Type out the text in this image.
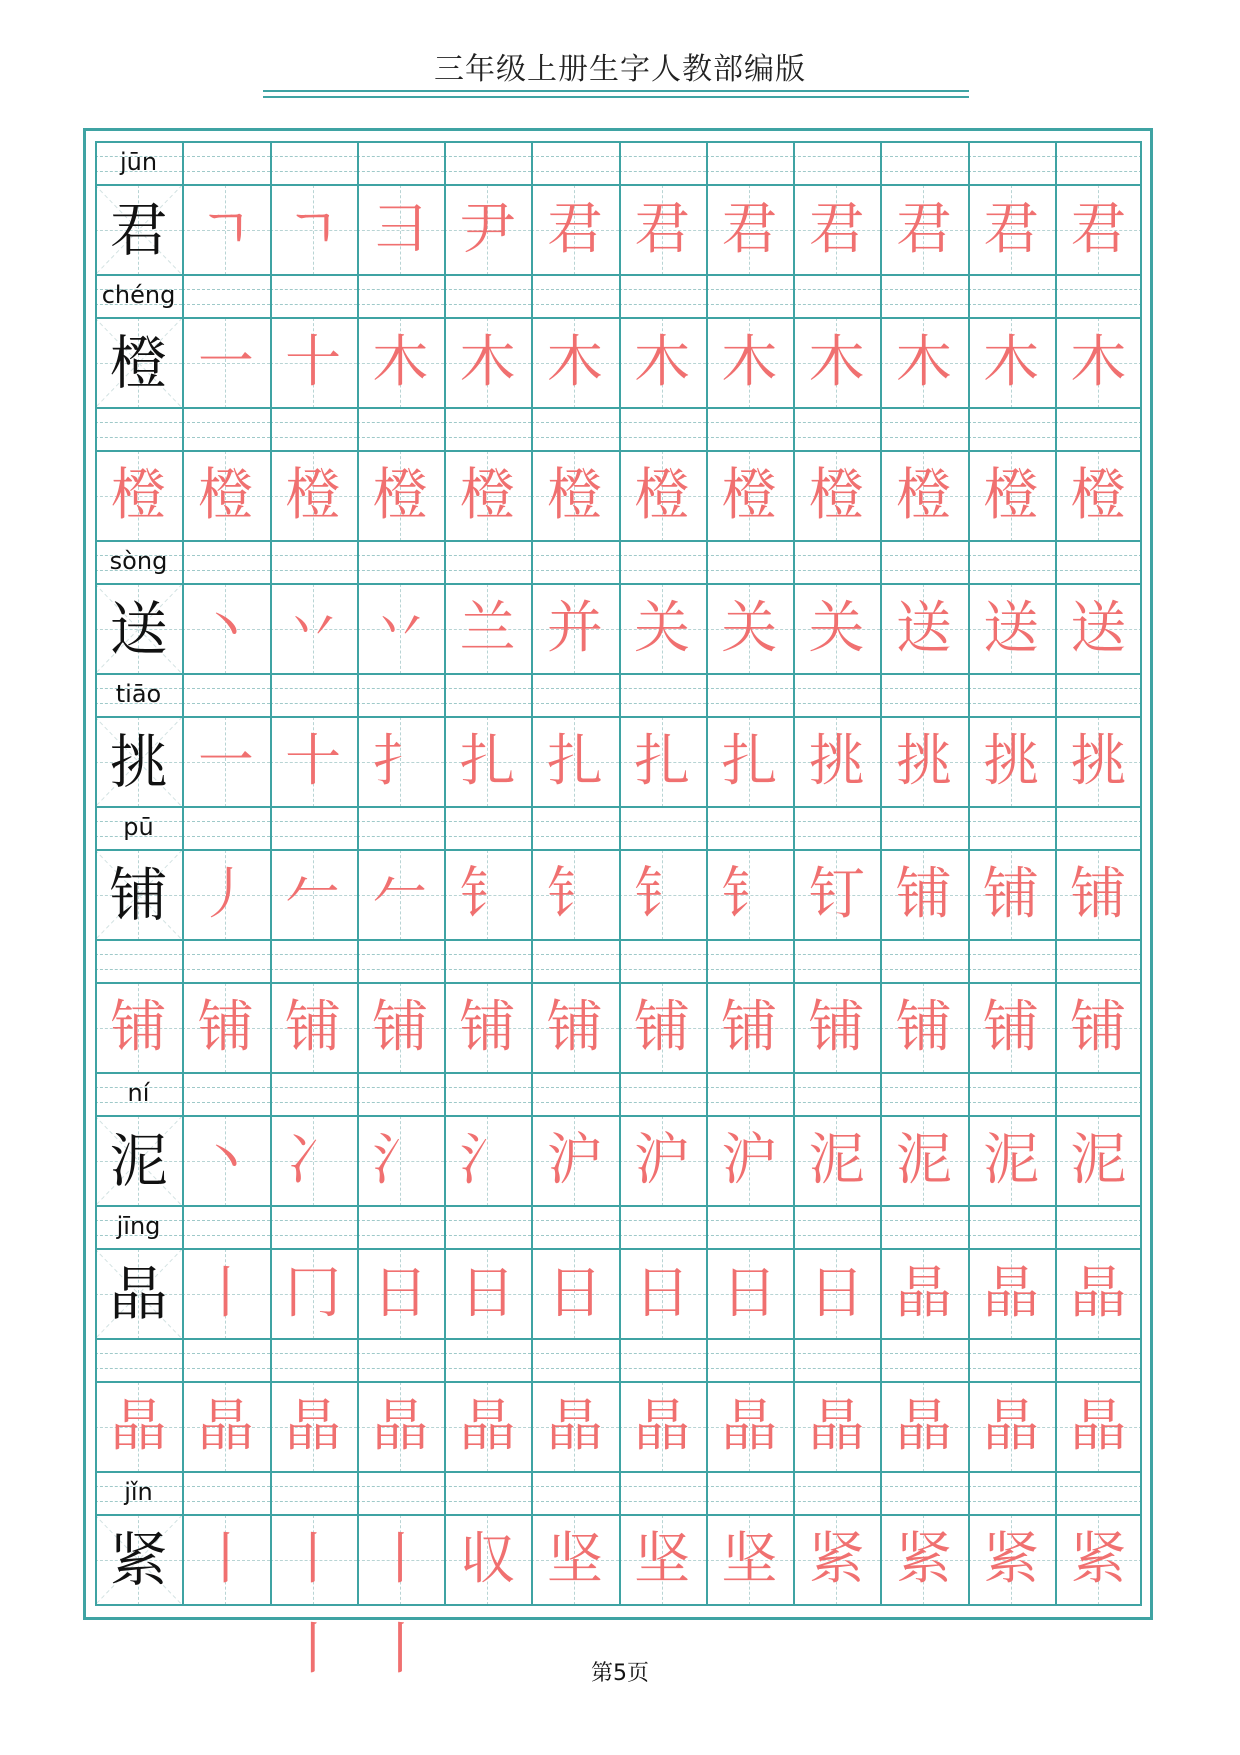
三年级上册生字人教部编版
jūn
君 ㄱ ㄱ ⺕ 尹 君 君 君 君 君 君 君
chéng
橙 一 十 木 木 木 木 木 木 木 木 木
橙 橙 橙 橙 橙 橙 橙 橙 橙 橙 橙 橙
sòng
送 丶 丷 丷 兰 并 关 关 关 送 送 送
tiāo
挑 一 十 扌 扎 扎 扎 扎 挑 挑 挑 挑
pū
铺 丿 𠂉 𠂉 钅 钅 钅 钅 钉 铺 铺 铺
铺 铺 铺 铺 铺 铺 铺 铺 铺 铺 铺 铺
ní
泥 丶 冫 氵 氵 沪 沪 沪 泥 泥 泥 泥
jīng
晶 丨 冂 日 日 日 日 日 日 晶 晶 晶
晶 晶 晶 晶 晶 晶 晶 晶 晶 晶 晶 晶
jǐn
紧 丨 丨丨
丨丨
収 坚 坚 坚 紧 紧 紧 紧
第5页
